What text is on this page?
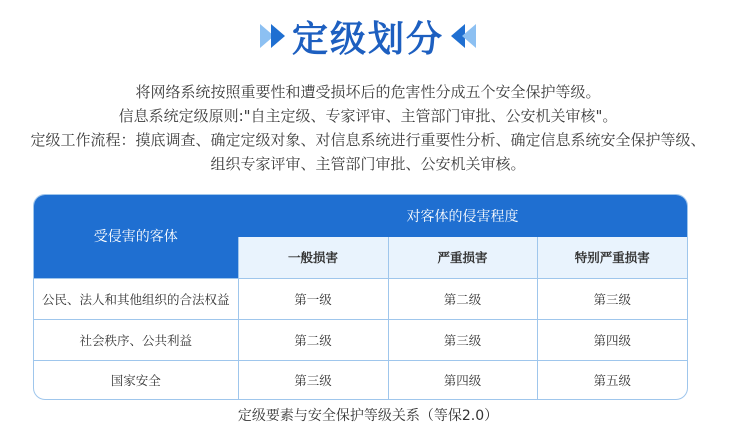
定级划分
将网络系统按照重要性和遭受损坏后的危害性分成五个安全保护等级。
信息系统定级原则:"自主定级、专家评审、主管部门审批、公安机关审核"。
定级工作流程：摸底调查、确定定级对象、对信息系统进行重要性分析、确定信息系统安全保护等级、
组织专家评审、主管部门审批、公安机关审核。
受侵害的客体	对客体的侵害程度		
	一般损害	严重损害	特别严重损害
公民、法人和其他组织的合法权益	第一级	第二级	第三级
社会秩序、公共利益	第二级	第三级	第四级
国家安全	第三级	第四级	第五级
定级要素与安全保护等级关系（等保2.0）
